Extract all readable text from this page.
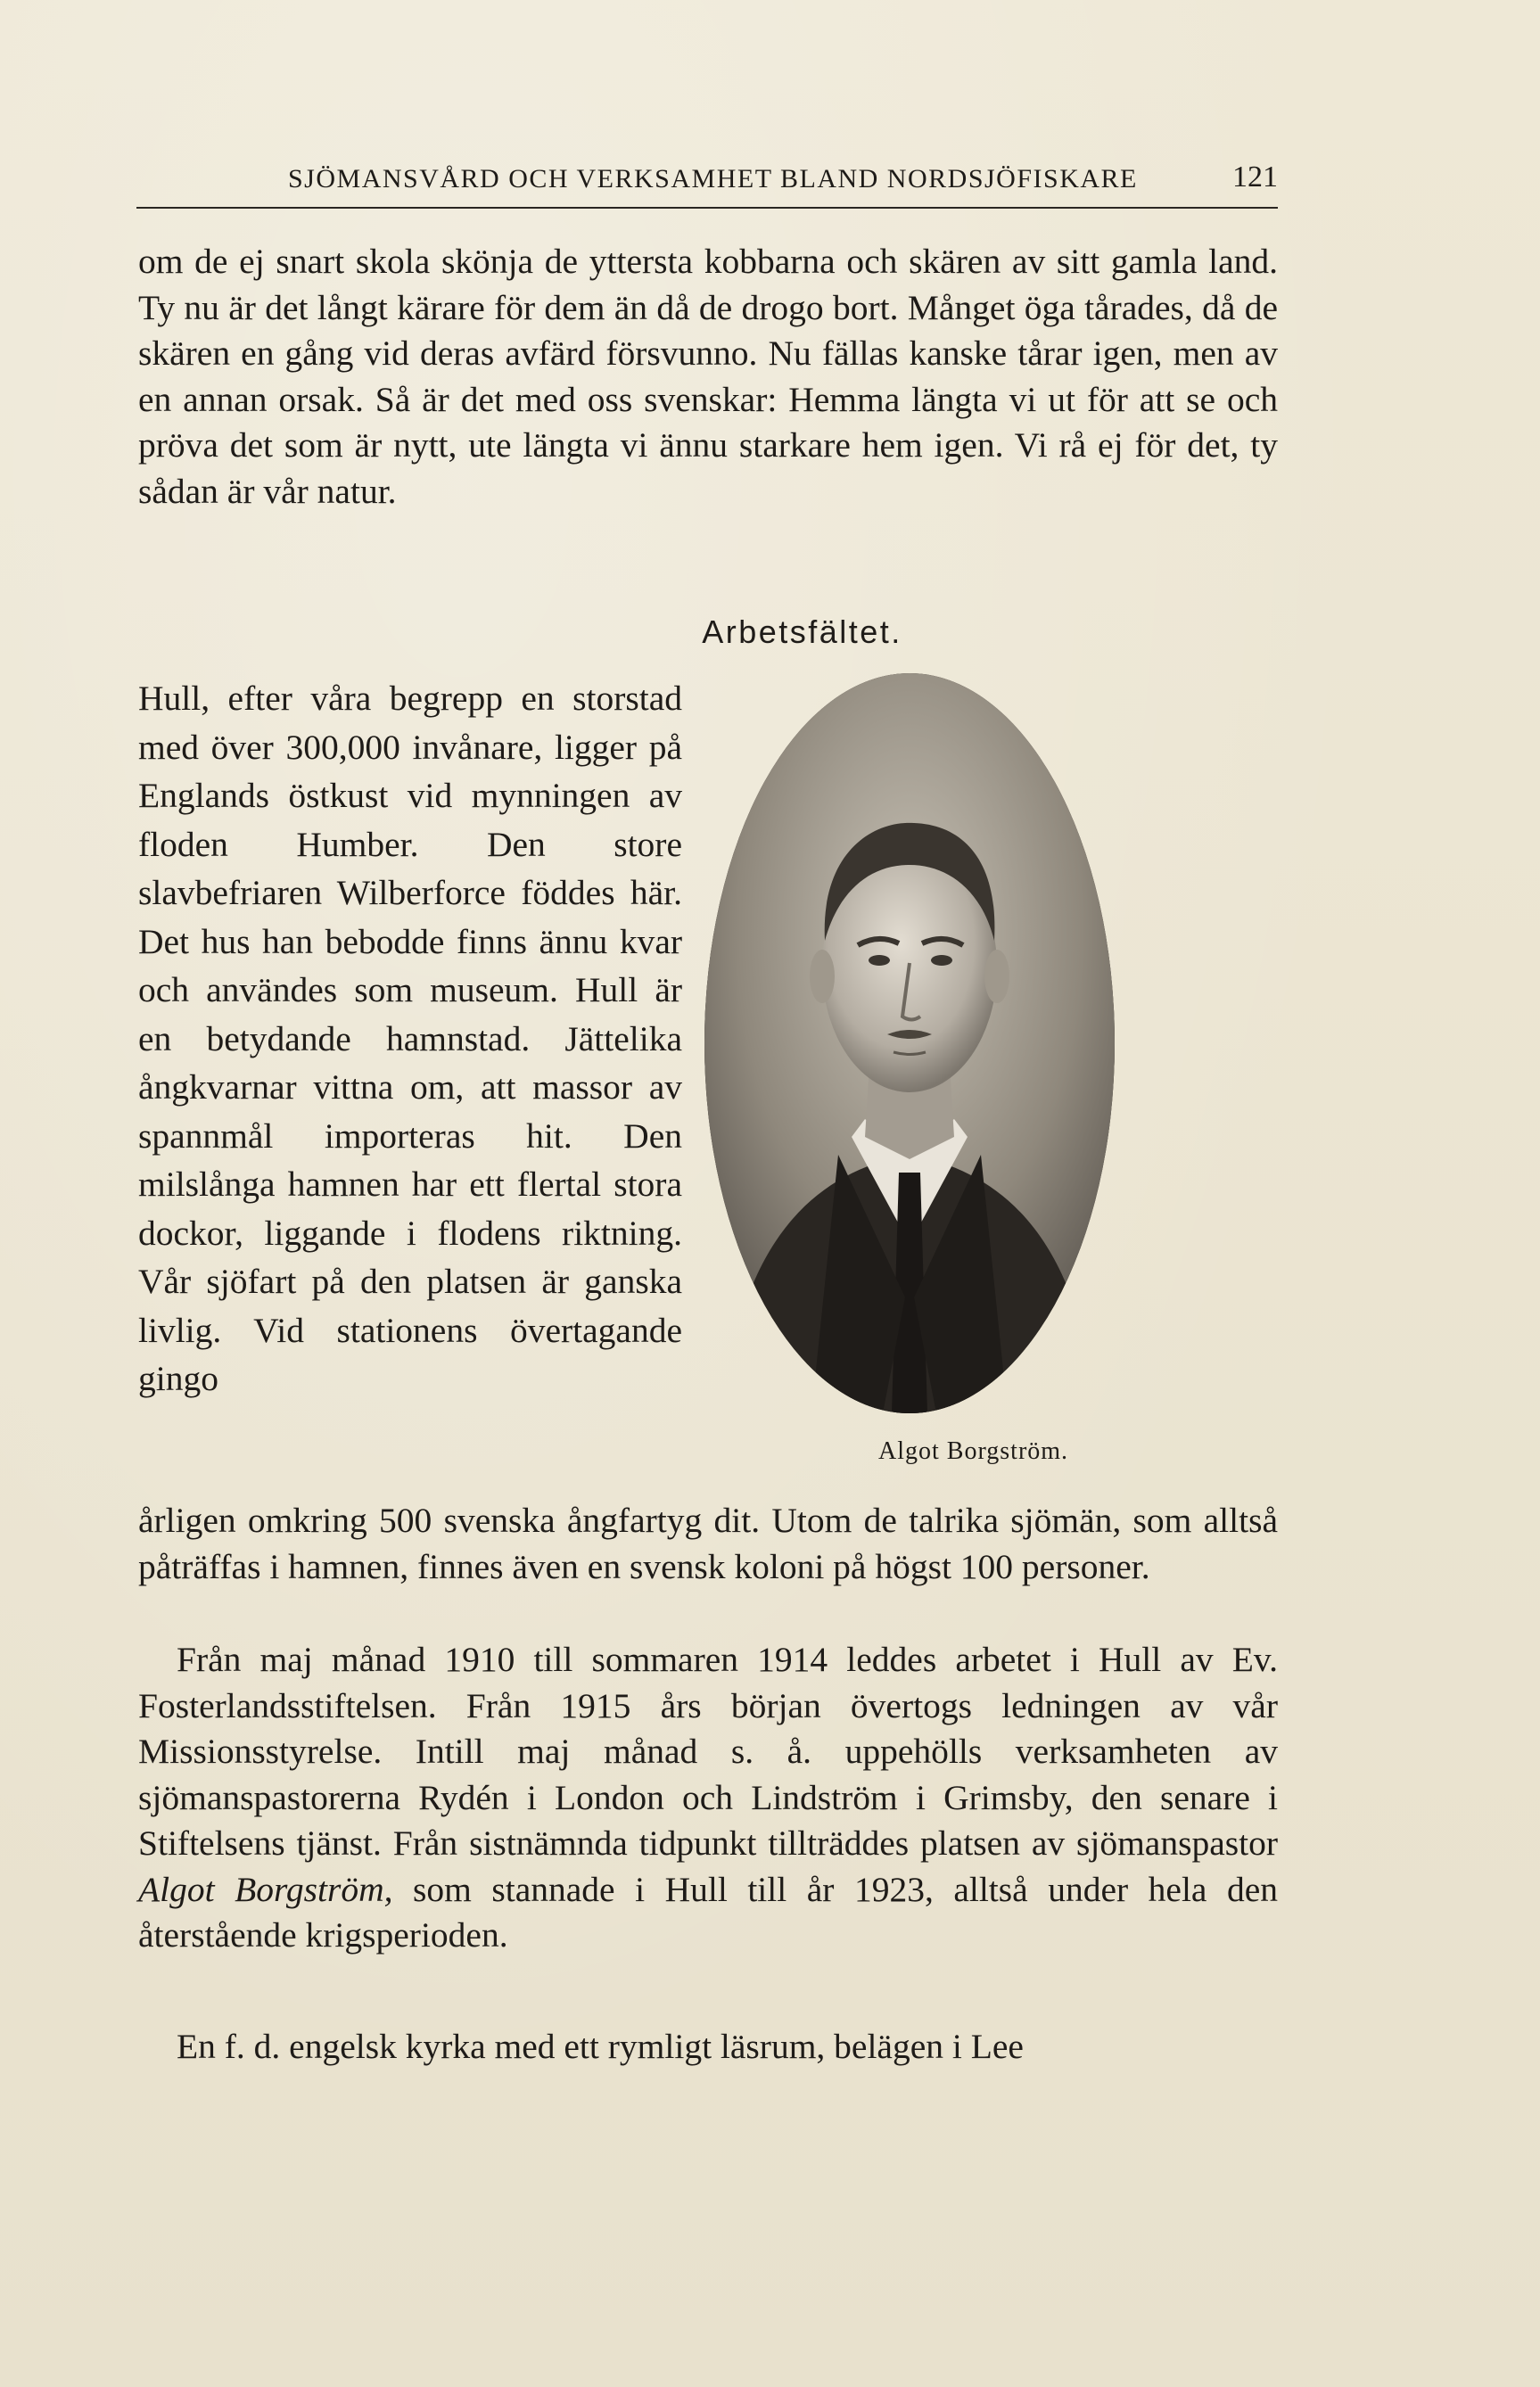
SJÖMANSVÅRD OCH VERKSAMHET BLAND NORDSJÖFISKARE	121

om de ej snart skola skönja de yttersta kobbarna och skären av sitt gamla land. Ty nu är det långt kärare för dem än då de drogo bort. Månget öga tårades, då de skären en gång vid deras avfärd försvunno. Nu fällas kanske tårar igen, men av en annan orsak. Så är det med oss svenskar: Hemma längta vi ut för att se och pröva det som är nytt, ute längta vi ännu starkare hem igen. Vi rå ej för det, ty sådan är vår natur.

Arbetsfältet.

Hull, efter våra begrepp en storstad med över 300,000 invånare, ligger på Englands östkust vid mynningen av floden Humber. Den store slavbefriaren Wilberforce föddes här. Det hus han bebodde finns ännu kvar och användes som museum. Hull är en betydande hamnstad. Jättelika ångkvarnar vittna om, att massor av spannmål importeras hit. Den milslånga hamnen har ett flertal stora dockor, liggande i flodens riktning. Vår sjöfart på den platsen är ganska livlig. Vid stationens övertagande gingo

Algot Borgström.

årligen omkring 500 svenska ångfartyg dit. Utom de talrika sjömän, som alltså påträffas i hamnen, finnes även en svensk koloni på högst 100 personer.

Från maj månad 1910 till sommaren 1914 leddes arbetet i Hull av Ev. Fosterlandsstiftelsen. Från 1915 års början övertogs ledningen av vår Missionsstyrelse. Intill maj månad s. å. uppehölls verksamheten av sjömanspastorerna Rydén i London och Lindström i Grimsby, den senare i Stiftelsens tjänst. Från sistnämnda tidpunkt tillträddes platsen av sjömanspastor Algot Borgström, som stannade i Hull till år 1923, alltså under hela den återstående krigsperioden.

En f. d. engelsk kyrka med ett rymligt läsrum, belägen i Lee
